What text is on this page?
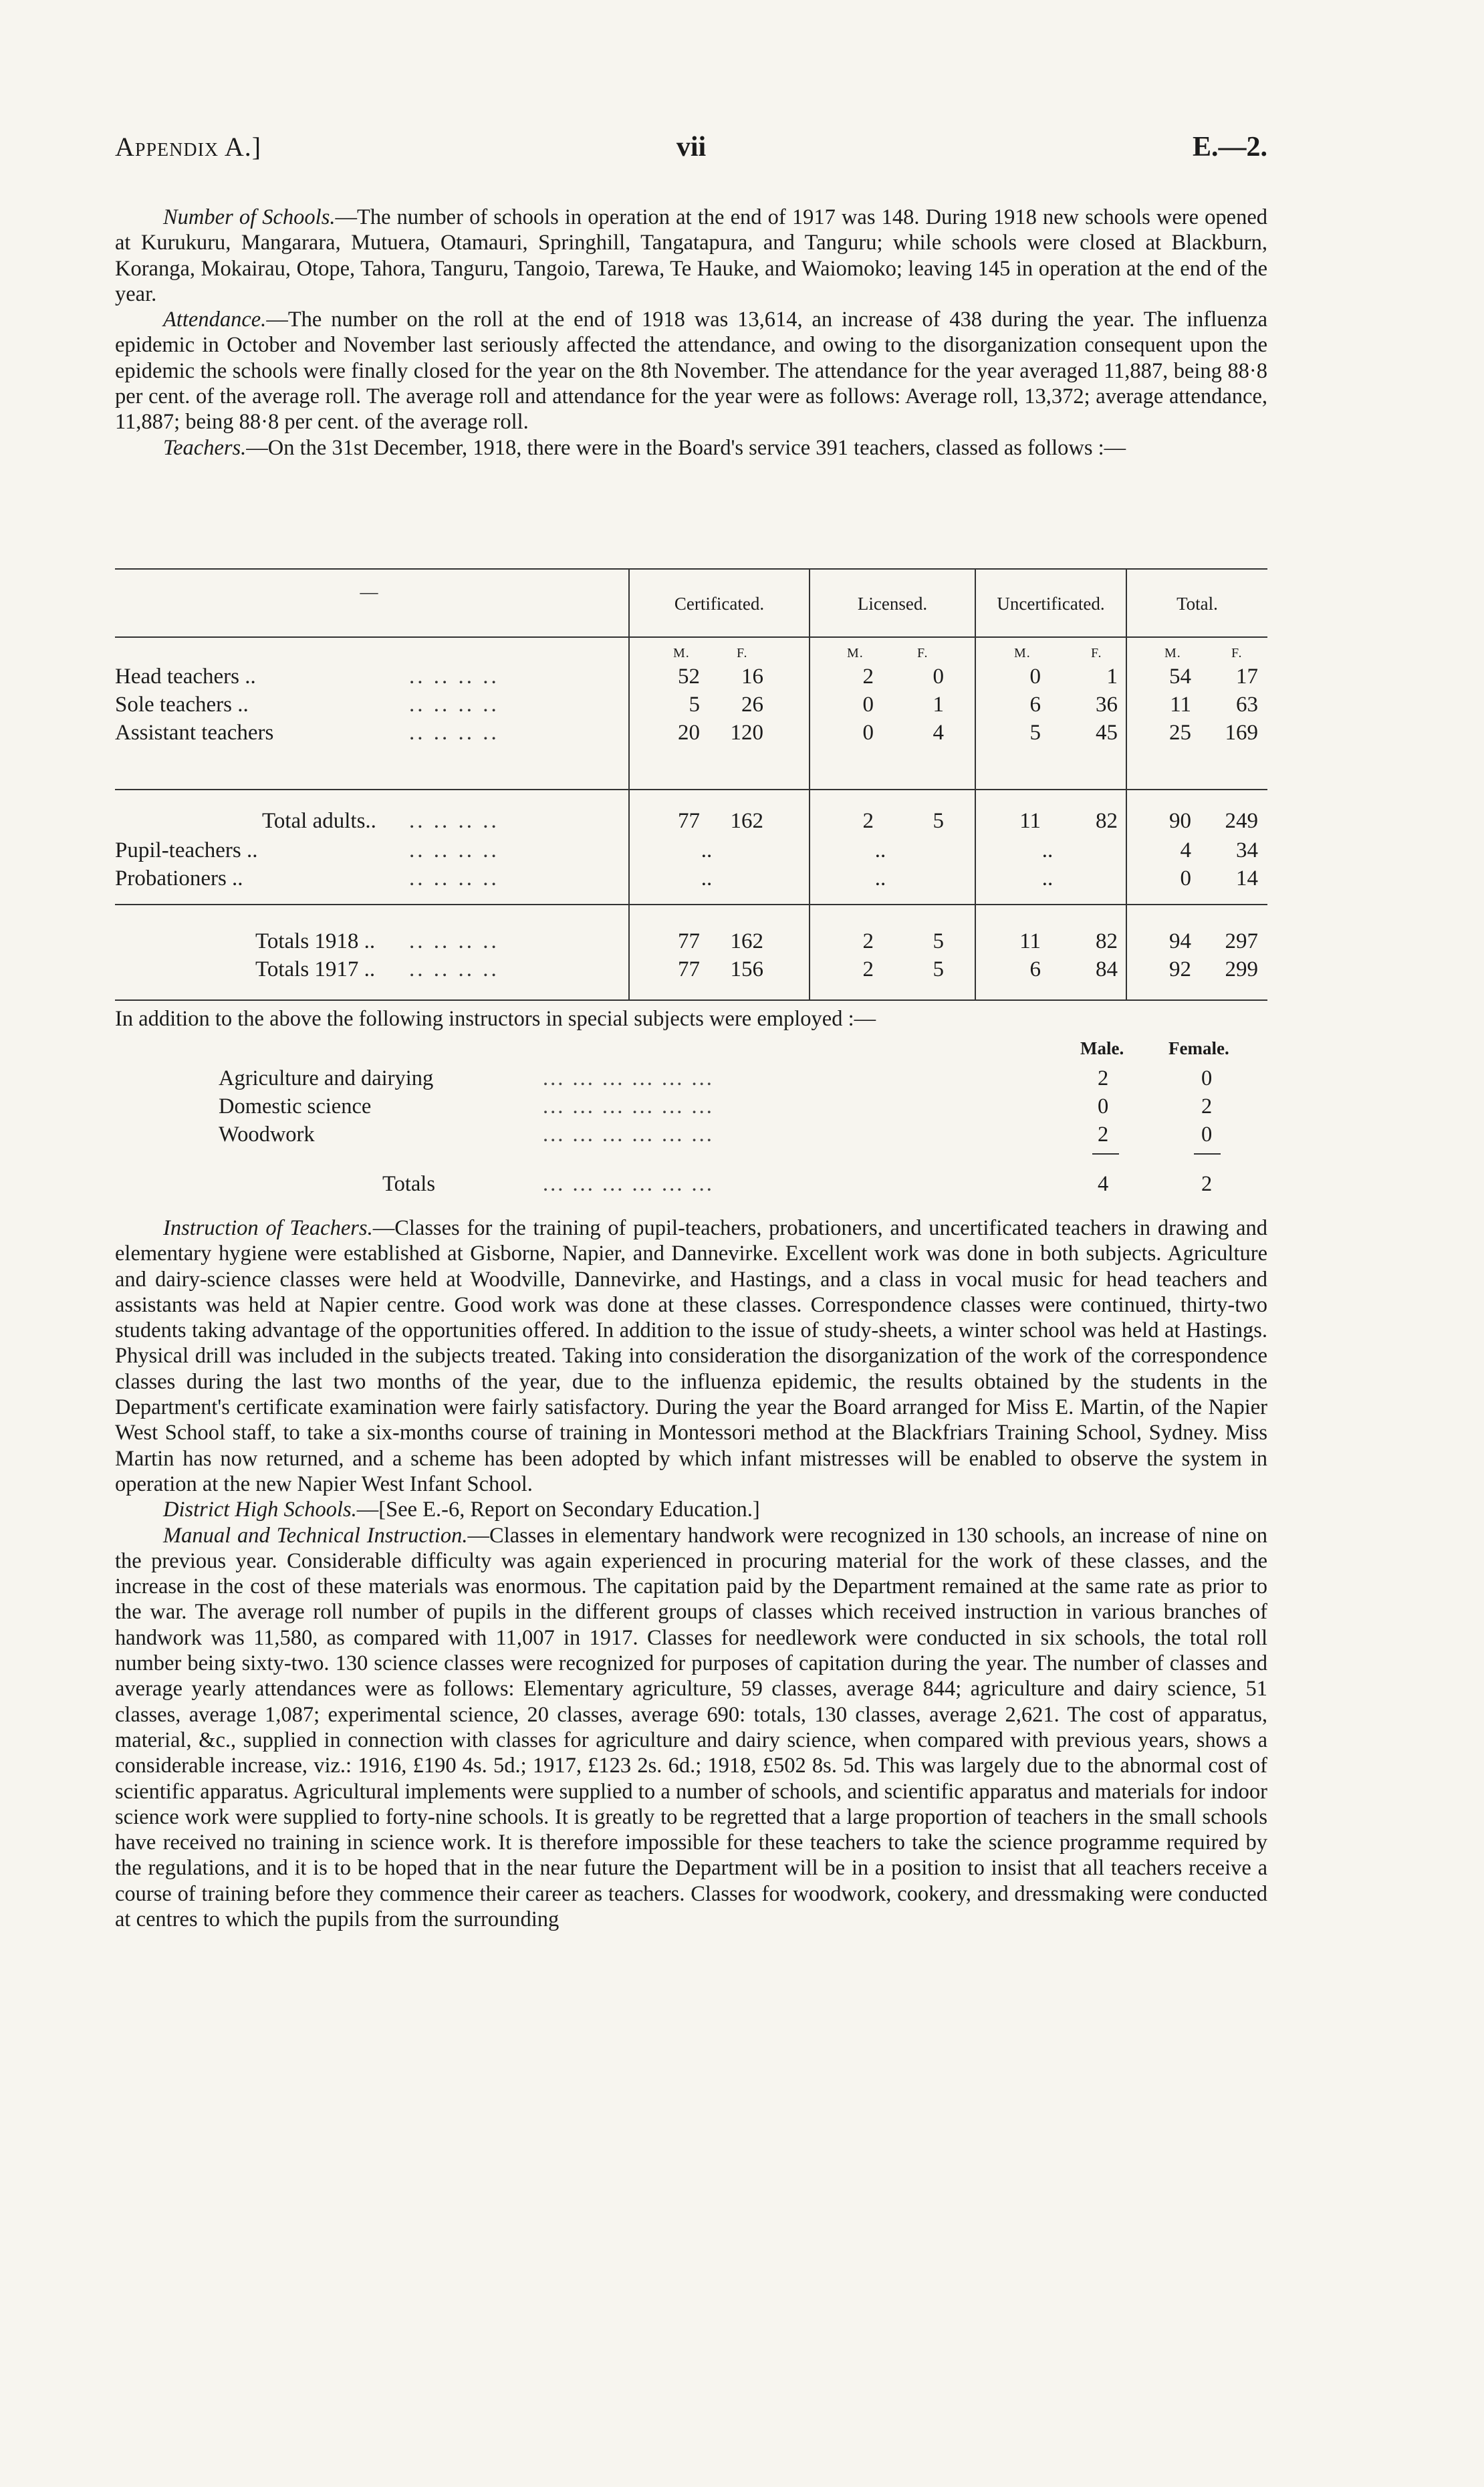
Appendix A.]	vii	E.—2.

Number of Schools.—The number of schools in operation at the end of 1917 was 148. During 1918 new schools were opened at Kurukuru, Mangarara, Mutuera, Otamauri, Springhill, Tangatapura, and Tanguru; while schools were closed at Blackburn, Koranga, Mokairau, Otope, Tahora, Tanguru, Tangoio, Tarewa, Te Hauke, and Waiomoko; leaving 145 in operation at the end of the year.

Attendance.—The number on the roll at the end of 1918 was 13,614, an increase of 438 during the year. The influenza epidemic in October and November last seriously affected the attendance, and owing to the disorganization consequent upon the epidemic the schools were finally closed for the year on the 8th November. The attendance for the year averaged 11,887, being 88·8 per cent. of the average roll. The average roll and attendance for the year were as follows: Average roll, 13,372; average attendance, 11,887; being 88·8 per cent. of the average roll.

Teachers.—On the 31st December, 1918, there were in the Board's service 391 teachers, classed as follows :—

—
Certificated.	Licensed.	Uncertificated.	Total.
M.	F.	M.	F.	M.	F.	M.	F.
Head teachers ..	.. .. .. ..	52	16	2	0	0	1	54	17
Sole teachers ..	.. .. .. ..	5	26	0	1	6	36	11	63
Assistant teachers	.. .. .. ..	20	120	0	4	5	45	25	169
Total adults.. .. .. .. ..	77	162	2	5	11	82	90	249
Pupil-teachers ..	.. .. .. ..	..	..	..	4	34
Probationers ..	.. .. .. ..	..	..	..	0	14
Totals 1918 .. .. .. .. ..	77	162	2	5	11	82	94	297
Totals 1917 .. .. .. .. ..	77	156	2	5	6	84	92	299

In addition to the above the following instructors in special subjects were employed :—

Male. Female.
Agriculture and dairying	2	0
... ... ... ... ... ...
Domestic science	0	2
... ... ... ... ... ...
Woodwork	2	0
... ... ... ... ... ...
Totals	... ... ... ... ... ...	4	2

Instruction of Teachers.—Classes for the training of pupil-teachers, probationers, and uncertificated teachers in drawing and elementary hygiene were established at Gisborne, Napier, and Dannevirke. Excellent work was done in both subjects. Agriculture and dairy-science classes were held at Woodville, Dannevirke, and Hastings, and a class in vocal music for head teachers and assistants was held at Napier centre. Good work was done at these classes. Correspondence classes were continued, thirty-two students taking advantage of the opportunities offered. In addition to the issue of study-sheets, a winter school was held at Hastings. Physical drill was included in the subjects treated. Taking into consideration the disorganization of the work of the correspondence classes during the last two months of the year, due to the influenza epidemic, the results obtained by the students in the Department's certificate examination were fairly satisfactory. During the year the Board arranged for Miss E. Martin, of the Napier West School staff, to take a six-months course of training in Montessori method at the Blackfriars Training School, Sydney. Miss Martin has now returned, and a scheme has been adopted by which infant mistresses will be enabled to observe the system in operation at the new Napier West Infant School.

District High Schools.—[See E.-6, Report on Secondary Education.]

Manual and Technical Instruction.—Classes in elementary handwork were recognized in 130 schools, an increase of nine on the previous year. Considerable difficulty was again experienced in procuring material for the work of these classes, and the increase in the cost of these materials was enormous. The capitation paid by the Department remained at the same rate as prior to the war. The average roll number of pupils in the different groups of classes which received instruction in various branches of handwork was 11,580, as compared with 11,007 in 1917. Classes for needlework were conducted in six schools, the total roll number being sixty-two. 130 science classes were recognized for purposes of capitation during the year. The number of classes and average yearly attendances were as follows: Elementary agriculture, 59 classes, average 844; agriculture and dairy science, 51 classes, average 1,087; experimental science, 20 classes, average 690: totals, 130 classes, average 2,621. The cost of apparatus, material, &c., supplied in connection with classes for agriculture and dairy science, when compared with previous years, shows a considerable increase, viz.: 1916, £190 4s. 5d.; 1917, £123 2s. 6d.; 1918, £502 8s. 5d. This was largely due to the abnormal cost of scientific apparatus. Agricultural implements were supplied to a number of schools, and scientific apparatus and materials for indoor science work were supplied to forty-nine schools. It is greatly to be regretted that a large proportion of teachers in the small schools have received no training in science work. It is therefore impossible for these teachers to take the science programme required by the regulations, and it is to be hoped that in the near future the Department will be in a position to insist that all teachers receive a course of training before they commence their career as teachers. Classes for woodwork, cookery, and dressmaking were conducted at centres to which the pupils from the surrounding
